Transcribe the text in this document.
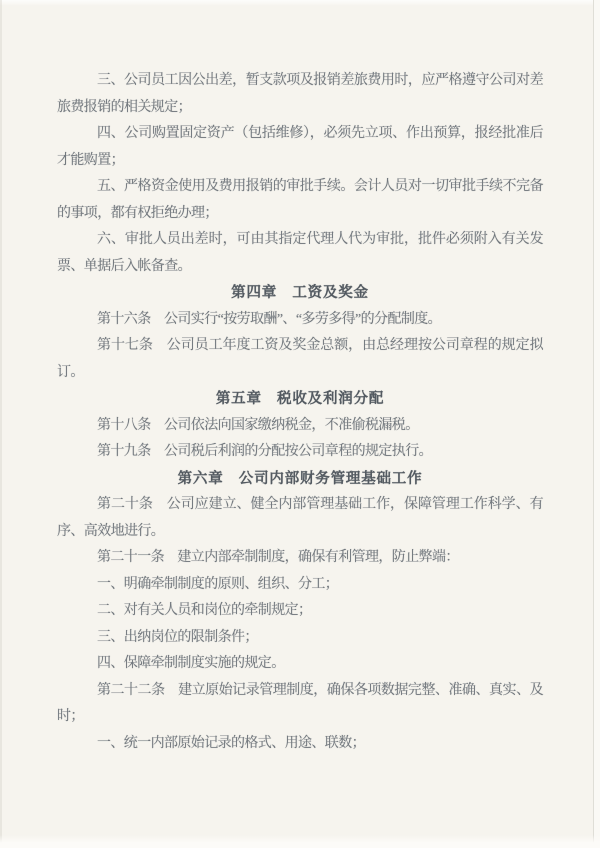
三、公司员工因公出差，暂支款项及报销差旅费用时，应严格遵守公司对差旅费报销的相关规定；

四、公司购置固定资产（包括维修），必须先立项、作出预算，报经批准后才能购置；

五、严格资金使用及费用报销的审批手续。会计人员对一切审批手续不完备的事项，都有权拒绝办理；

六、审批人员出差时，可由其指定代理人代为审批，批件必须附入有关发票、单据后入帐备查。

第四章　工资及奖金

第十六条　公司实行“按劳取酬”、“多劳多得”的分配制度。

第十七条　公司员工年度工资及奖金总额，由总经理按公司章程的规定拟订。

第五章　税收及利润分配

第十八条　公司依法向国家缴纳税金，不准偷税漏税。

第十九条　公司税后利润的分配按公司章程的规定执行。

第六章　公司内部财务管理基础工作

第二十条　公司应建立、健全内部管理基础工作，保障管理工作科学、有序、高效地进行。

第二十一条　建立内部牵制制度，确保有利管理，防止弊端：

一、明确牵制制度的原则、组织、分工；

二、对有关人员和岗位的牵制规定；

三、出纳岗位的限制条件；

四、保障牵制制度实施的规定。

第二十二条　建立原始记录管理制度，确保各项数据完整、准确、真实、及时；

一、统一内部原始记录的格式、用途、联数；
